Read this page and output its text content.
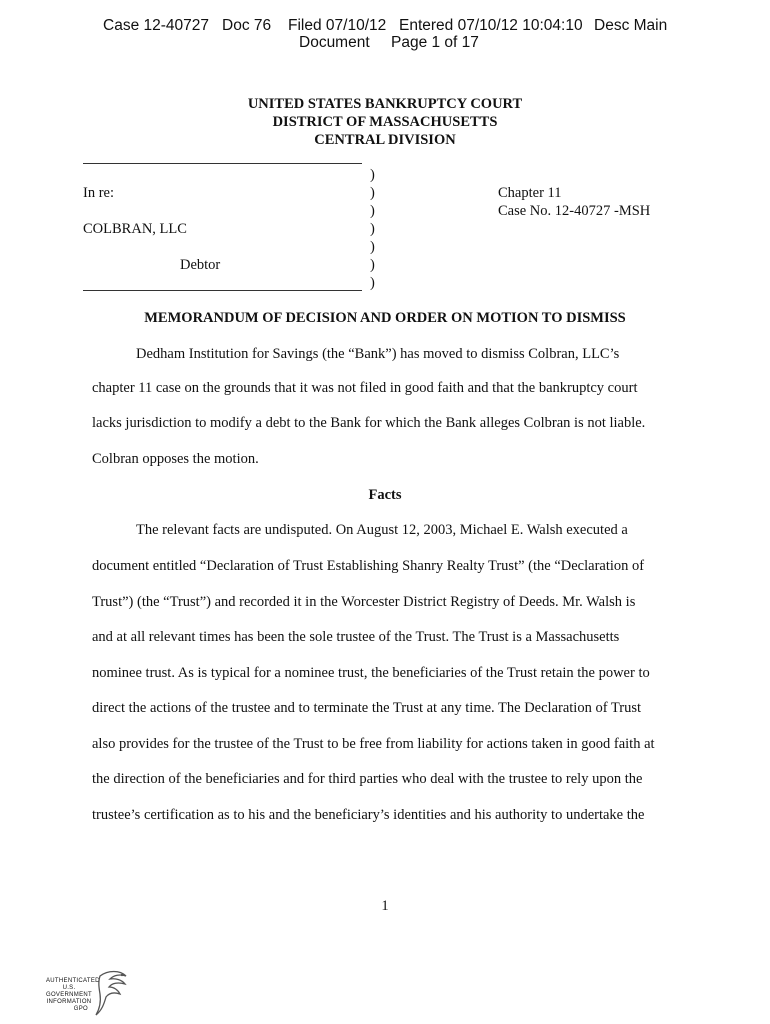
Case 12-40727 Doc 76 Filed 07/10/12 Entered 07/10/12 10:04:10 Desc Main
Document Page 1 of 17
UNITED STATES BANKRUPTCY COURT
DISTRICT OF MASSACHUSETTS
CENTRAL DIVISION
)
)
)
)
)
)
)
In re:
COLBRAN, LLC
Debtor
Chapter 11
Case No. 12-40727 -MSH
MEMORANDUM OF DECISION AND ORDER ON MOTION TO DISMISS
Dedham Institution for Savings (the “Bank”) has moved to dismiss Colbran, LLC’s
chapter 11 case on the grounds that it was not filed in good faith and that the bankruptcy court
lacks jurisdiction to modify a debt to the Bank for which the Bank alleges Colbran is not liable.
Colbran opposes the motion.
Facts
The relevant facts are undisputed. On August 12, 2003, Michael E. Walsh executed a
document entitled “Declaration of Trust Establishing Shanry Realty Trust” (the “Declaration of
Trust”) (the “Trust”) and recorded it in the Worcester District Registry of Deeds. Mr. Walsh is
and at all relevant times has been the sole trustee of the Trust. The Trust is a Massachusetts
nominee trust. As is typical for a nominee trust, the beneficiaries of the Trust retain the power to
direct the actions of the trustee and to terminate the Trust at any time. The Declaration of Trust
also provides for the trustee of the Trust to be free from liability for actions taken in good faith at
the direction of the beneficiaries and for third parties who deal with the trustee to rely upon the
trustee’s certification as to his and the beneficiary’s identities and his authority to undertake the
1
AUTHENTICATED
U.S. GOVERNMENT
INFORMATION
GPO
